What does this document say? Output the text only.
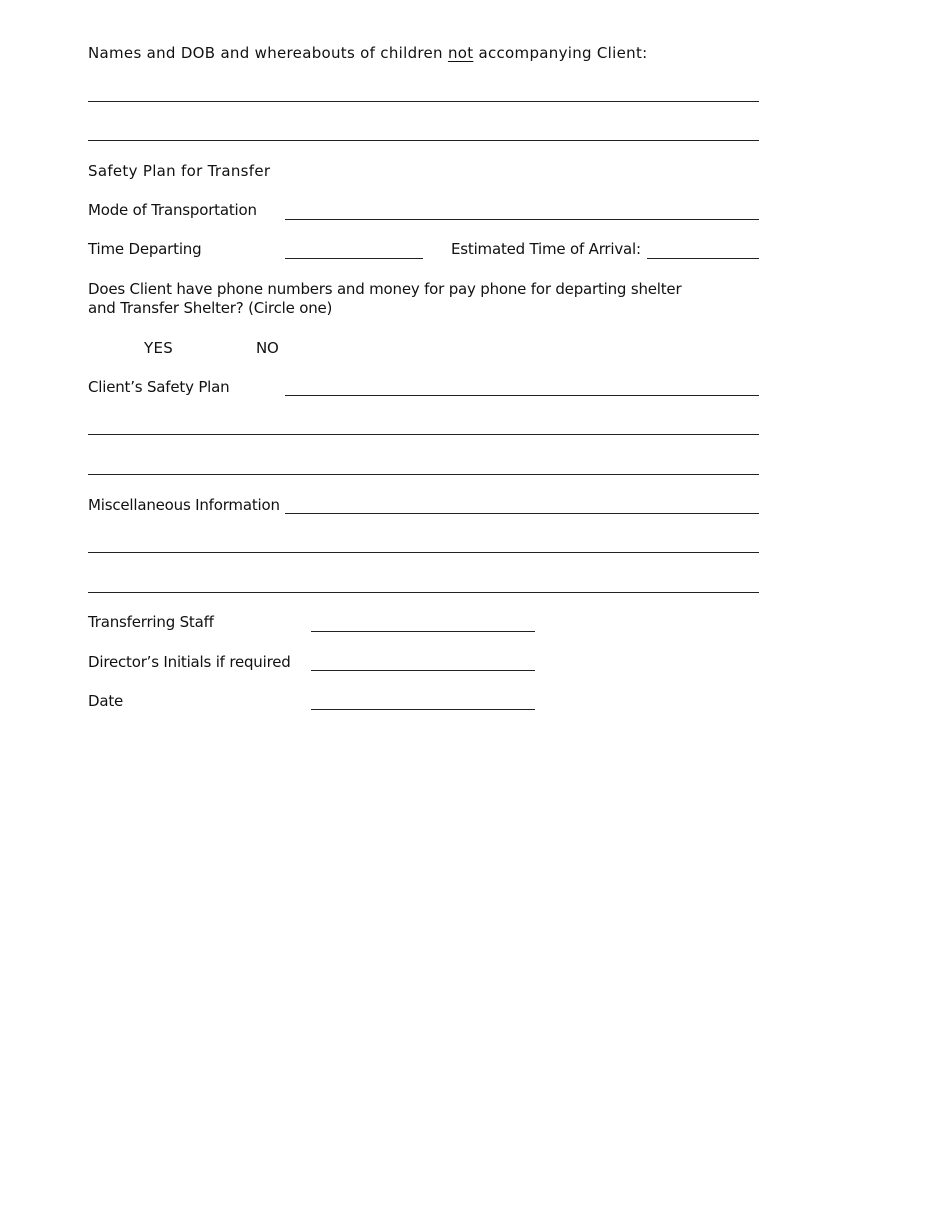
Names and DOB and whereabouts of children not accompanying Client:
Safety Plan for Transfer
Mode of Transportation
Time Departing	Estimated Time of Arrival:
Does Client have phone numbers and money for pay phone for departing shelter and Transfer Shelter? (Circle one)
YES	NO
Client’s Safety Plan
Miscellaneous Information
Transferring Staff
Director’s Initials if required
Date
